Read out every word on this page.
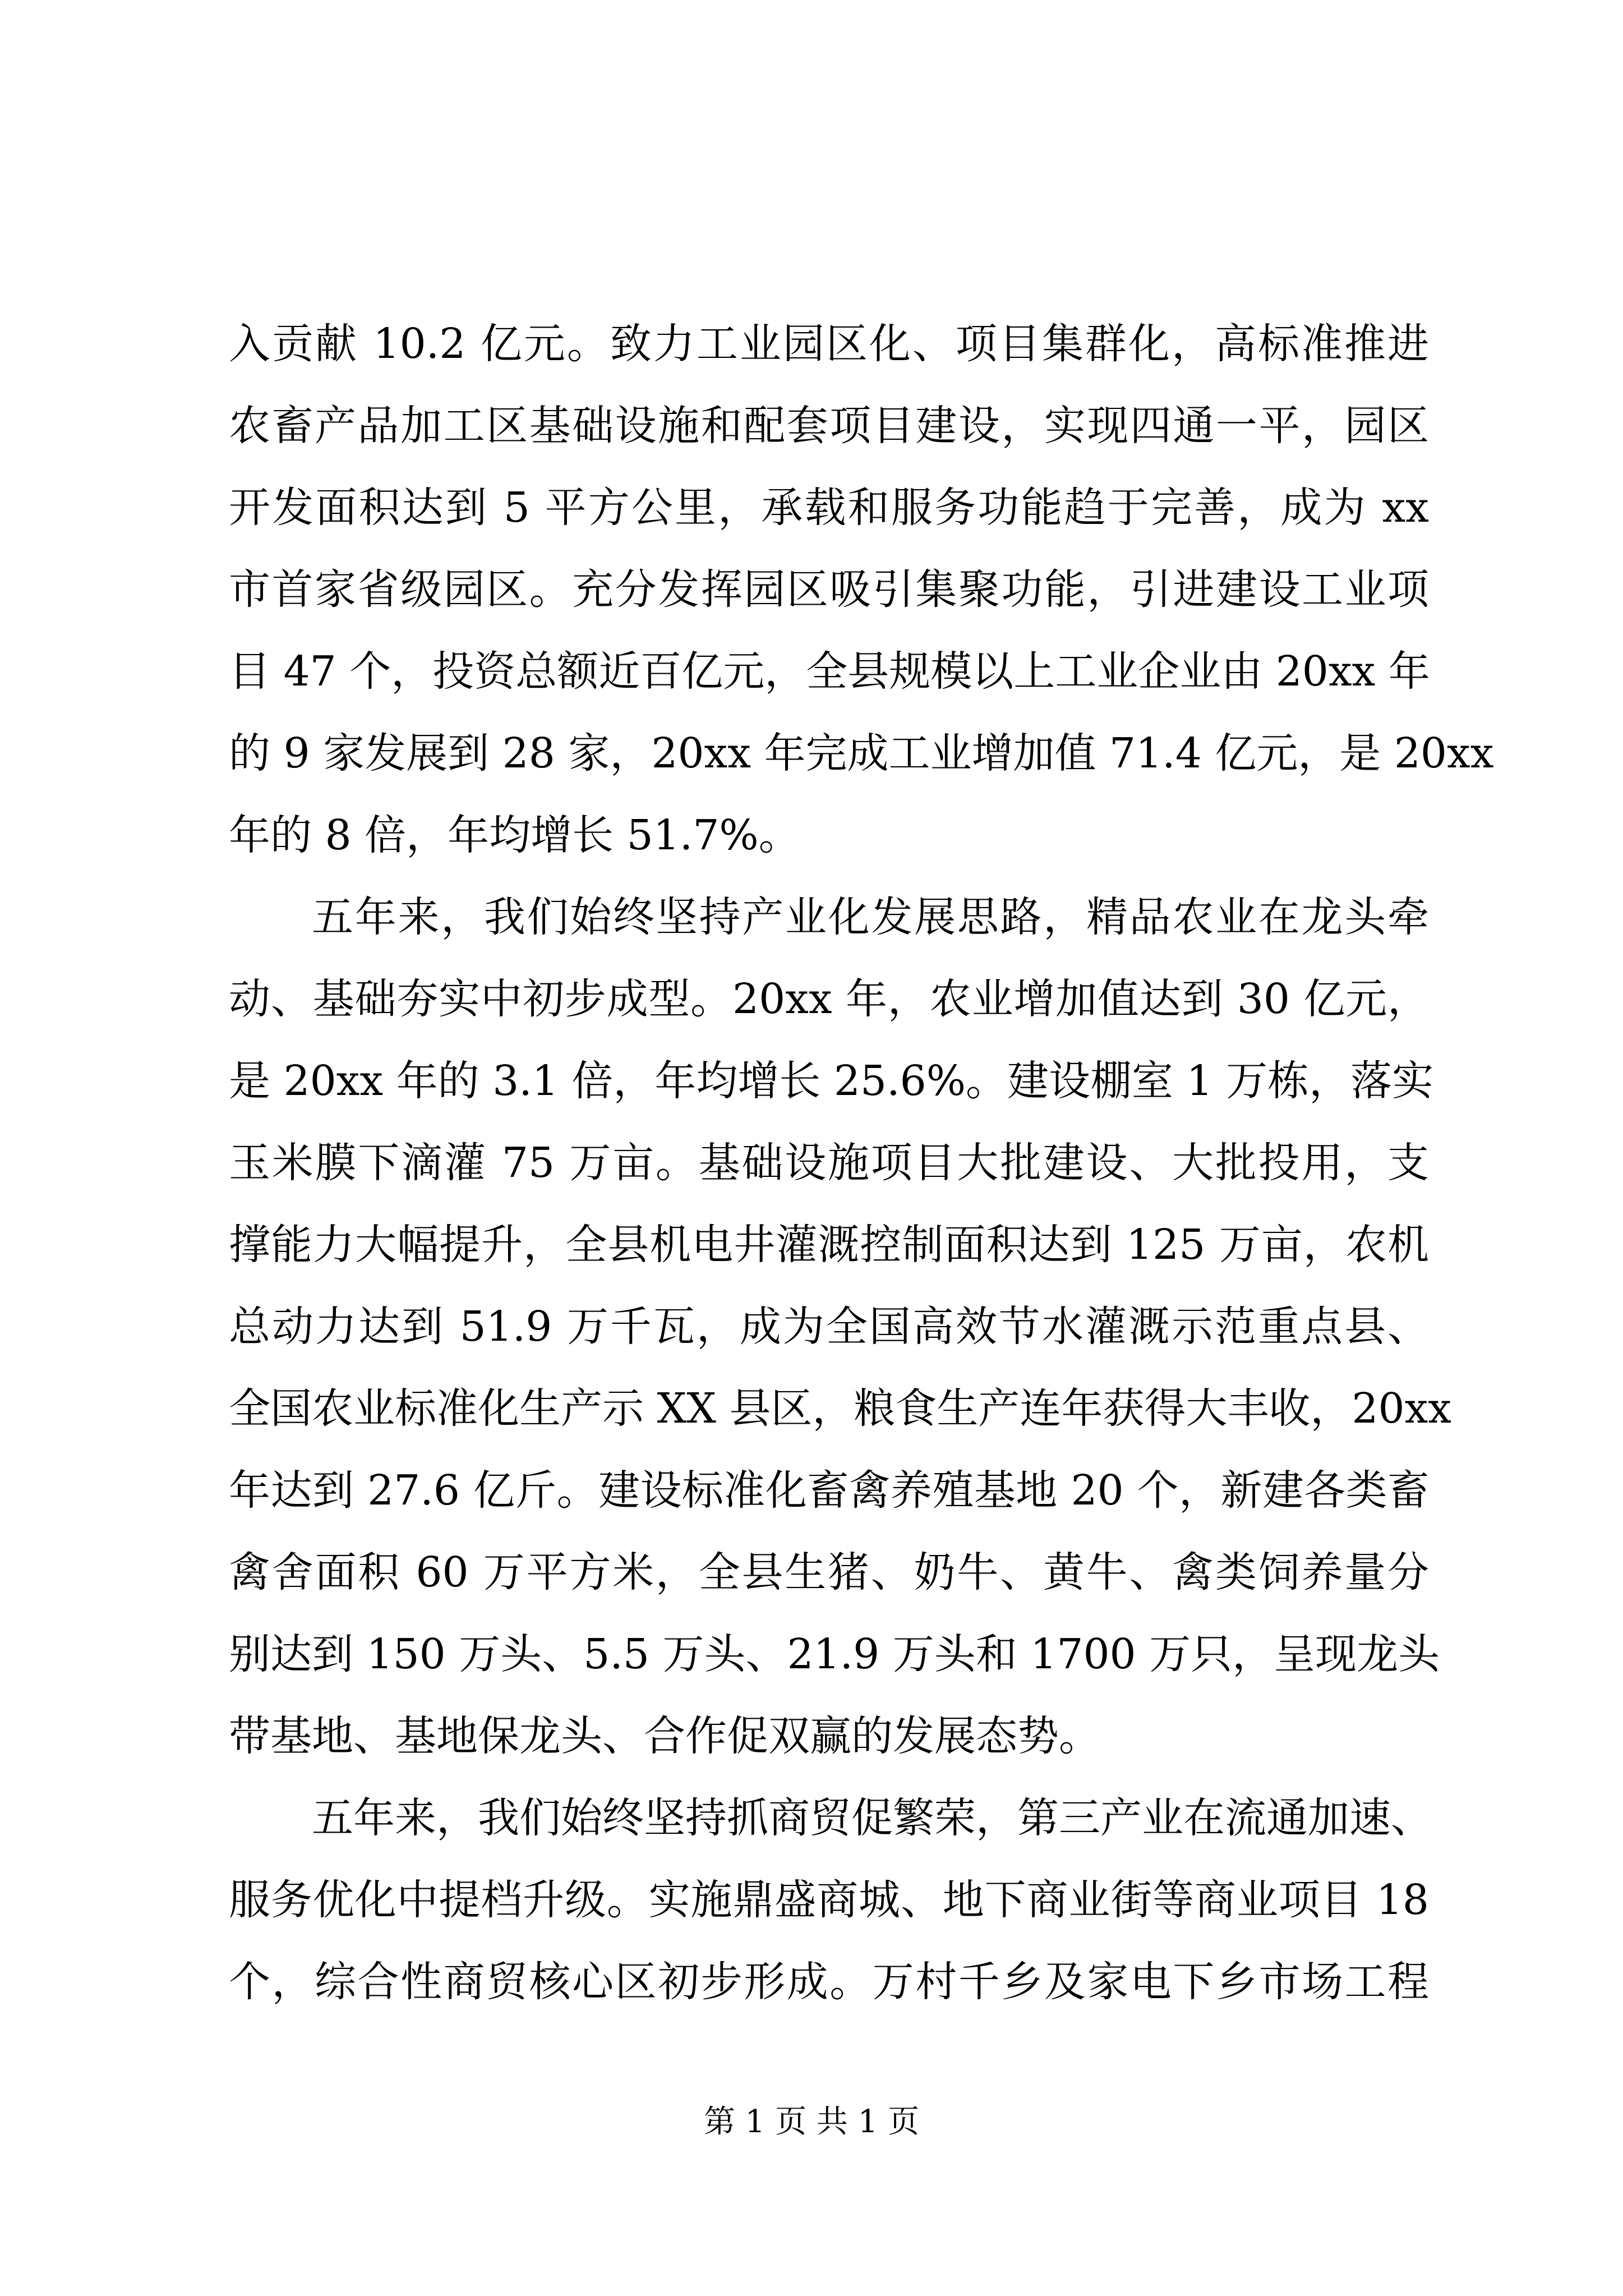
入贡献 10.2 亿元。致力工业园区化、项目集群化，高标准推进
农畜产品加工区基础设施和配套项目建设，实现四通一平，园区
开发面积达到 5 平方公里，承载和服务功能趋于完善，成为 xx
市首家省级园区。充分发挥园区吸引集聚功能，引进建设工业项
目 47 个，投资总额近百亿元，全县规模以上工业企业由 20xx 年
的 9 家发展到 28 家，20xx 年完成工业增加值 71.4 亿元，是 20xx
年的 8 倍，年均增长 51.7%。

五年来，我们始终坚持产业化发展思路，精品农业在龙头牵
动、基础夯实中初步成型。20xx 年，农业增加值达到 30 亿元，
是 20xx 年的 3.1 倍，年均增长 25.6%。建设棚室 1 万栋，落实
玉米膜下滴灌 75 万亩。基础设施项目大批建设、大批投用，支
撑能力大幅提升，全县机电井灌溉控制面积达到 125 万亩，农机
总动力达到 51.9 万千瓦，成为全国高效节水灌溉示范重点县、
全国农业标准化生产示 XX 县区，粮食生产连年获得大丰收，20xx
年达到 27.6 亿斤。建设标准化畜禽养殖基地 20 个，新建各类畜
禽舍面积 60 万平方米，全县生猪、奶牛、黄牛、禽类饲养量分
别达到 150 万头、5.5 万头、21.9 万头和 1700 万只，呈现龙头
带基地、基地保龙头、合作促双赢的发展态势。

五年来，我们始终坚持抓商贸促繁荣，第三产业在流通加速、
服务优化中提档升级。实施鼎盛商城、地下商业街等商业项目 18
个，综合性商贸核心区初步形成。万村千乡及家电下乡市场工程

第 1 页 共 1 页
